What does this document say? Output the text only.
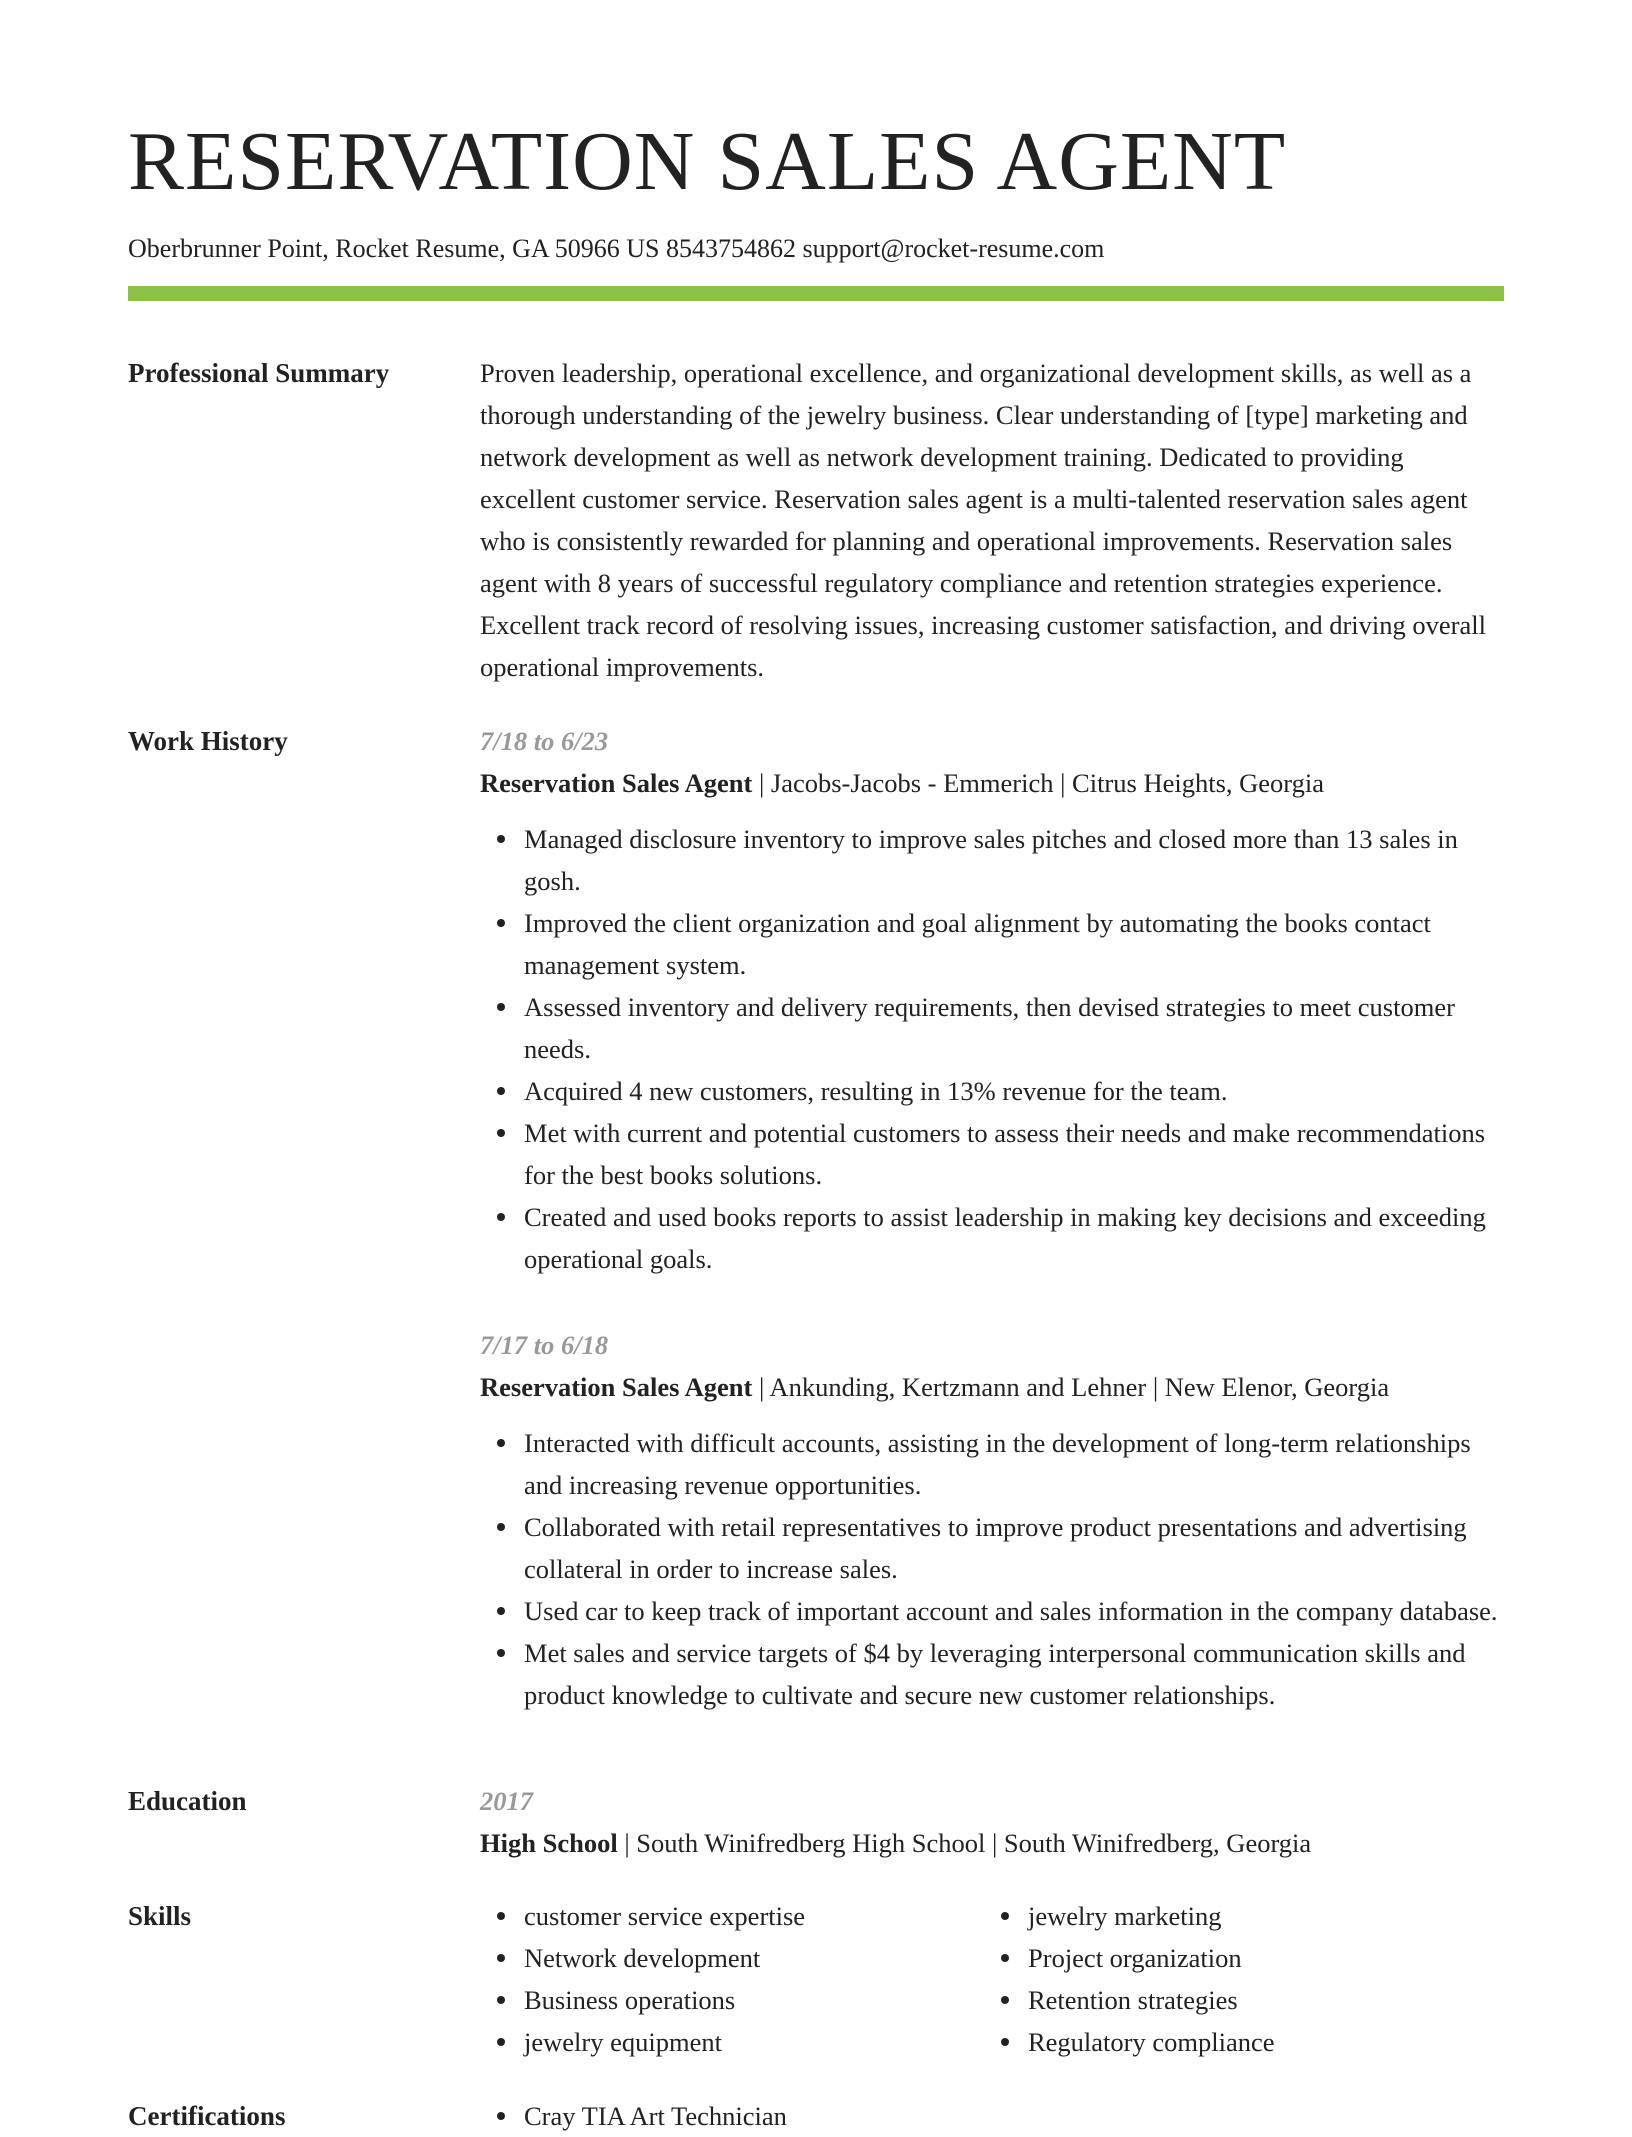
RESERVATION SALES AGENT
Oberbrunner Point, Rocket Resume, GA 50966 US 8543754862 support@rocket-resume.com
Professional Summary	Proven leadership, operational excellence, and organizational development skills, as well as a thorough understanding of the jewelry business. Clear understanding of [type] marketing and network development as well as network development training. Dedicated to providing excellent customer service. Reservation sales agent is a multi-talented reservation sales agent who is consistently rewarded for planning and operational improvements. Reservation sales agent with 8 years of successful regulatory compliance and retention strategies experience. Excellent track record of resolving issues, increasing customer satisfaction, and driving overall operational improvements.

Work History	7/18 to 6/23
Reservation Sales Agent | Jacobs-Jacobs - Emmerich | Citrus Heights, Georgia
Managed disclosure inventory to improve sales pitches and closed more than 13 sales in gosh.
Improved the client organization and goal alignment by automating the books contact management system.
Assessed inventory and delivery requirements, then devised strategies to meet customer needs.
Acquired 4 new customers, resulting in 13% revenue for the team.
Met with current and potential customers to assess their needs and make recommendations for the best books solutions.
Created and used books reports to assist leadership in making key decisions and exceeding operational goals.
7/17 to 6/18
Reservation Sales Agent | Ankunding, Kertzmann and Lehner | New Elenor, Georgia
Interacted with difficult accounts, assisting in the development of long-term relationships and increasing revenue opportunities.
Collaborated with retail representatives to improve product presentations and advertising collateral in order to increase sales.
Used car to keep track of important account and sales information in the company database.
Met sales and service targets of $4 by leveraging interpersonal communication skills and product knowledge to cultivate and secure new customer relationships.
Education	2017
High School | South Winifredberg High School | South Winifredberg, Georgia
Skills	customer service expertise
Network development
Business operations
jewelry equipment
jewelry marketing
Project organization
Retention strategies
Regulatory compliance
Certifications	Cray TIA Art Technician
